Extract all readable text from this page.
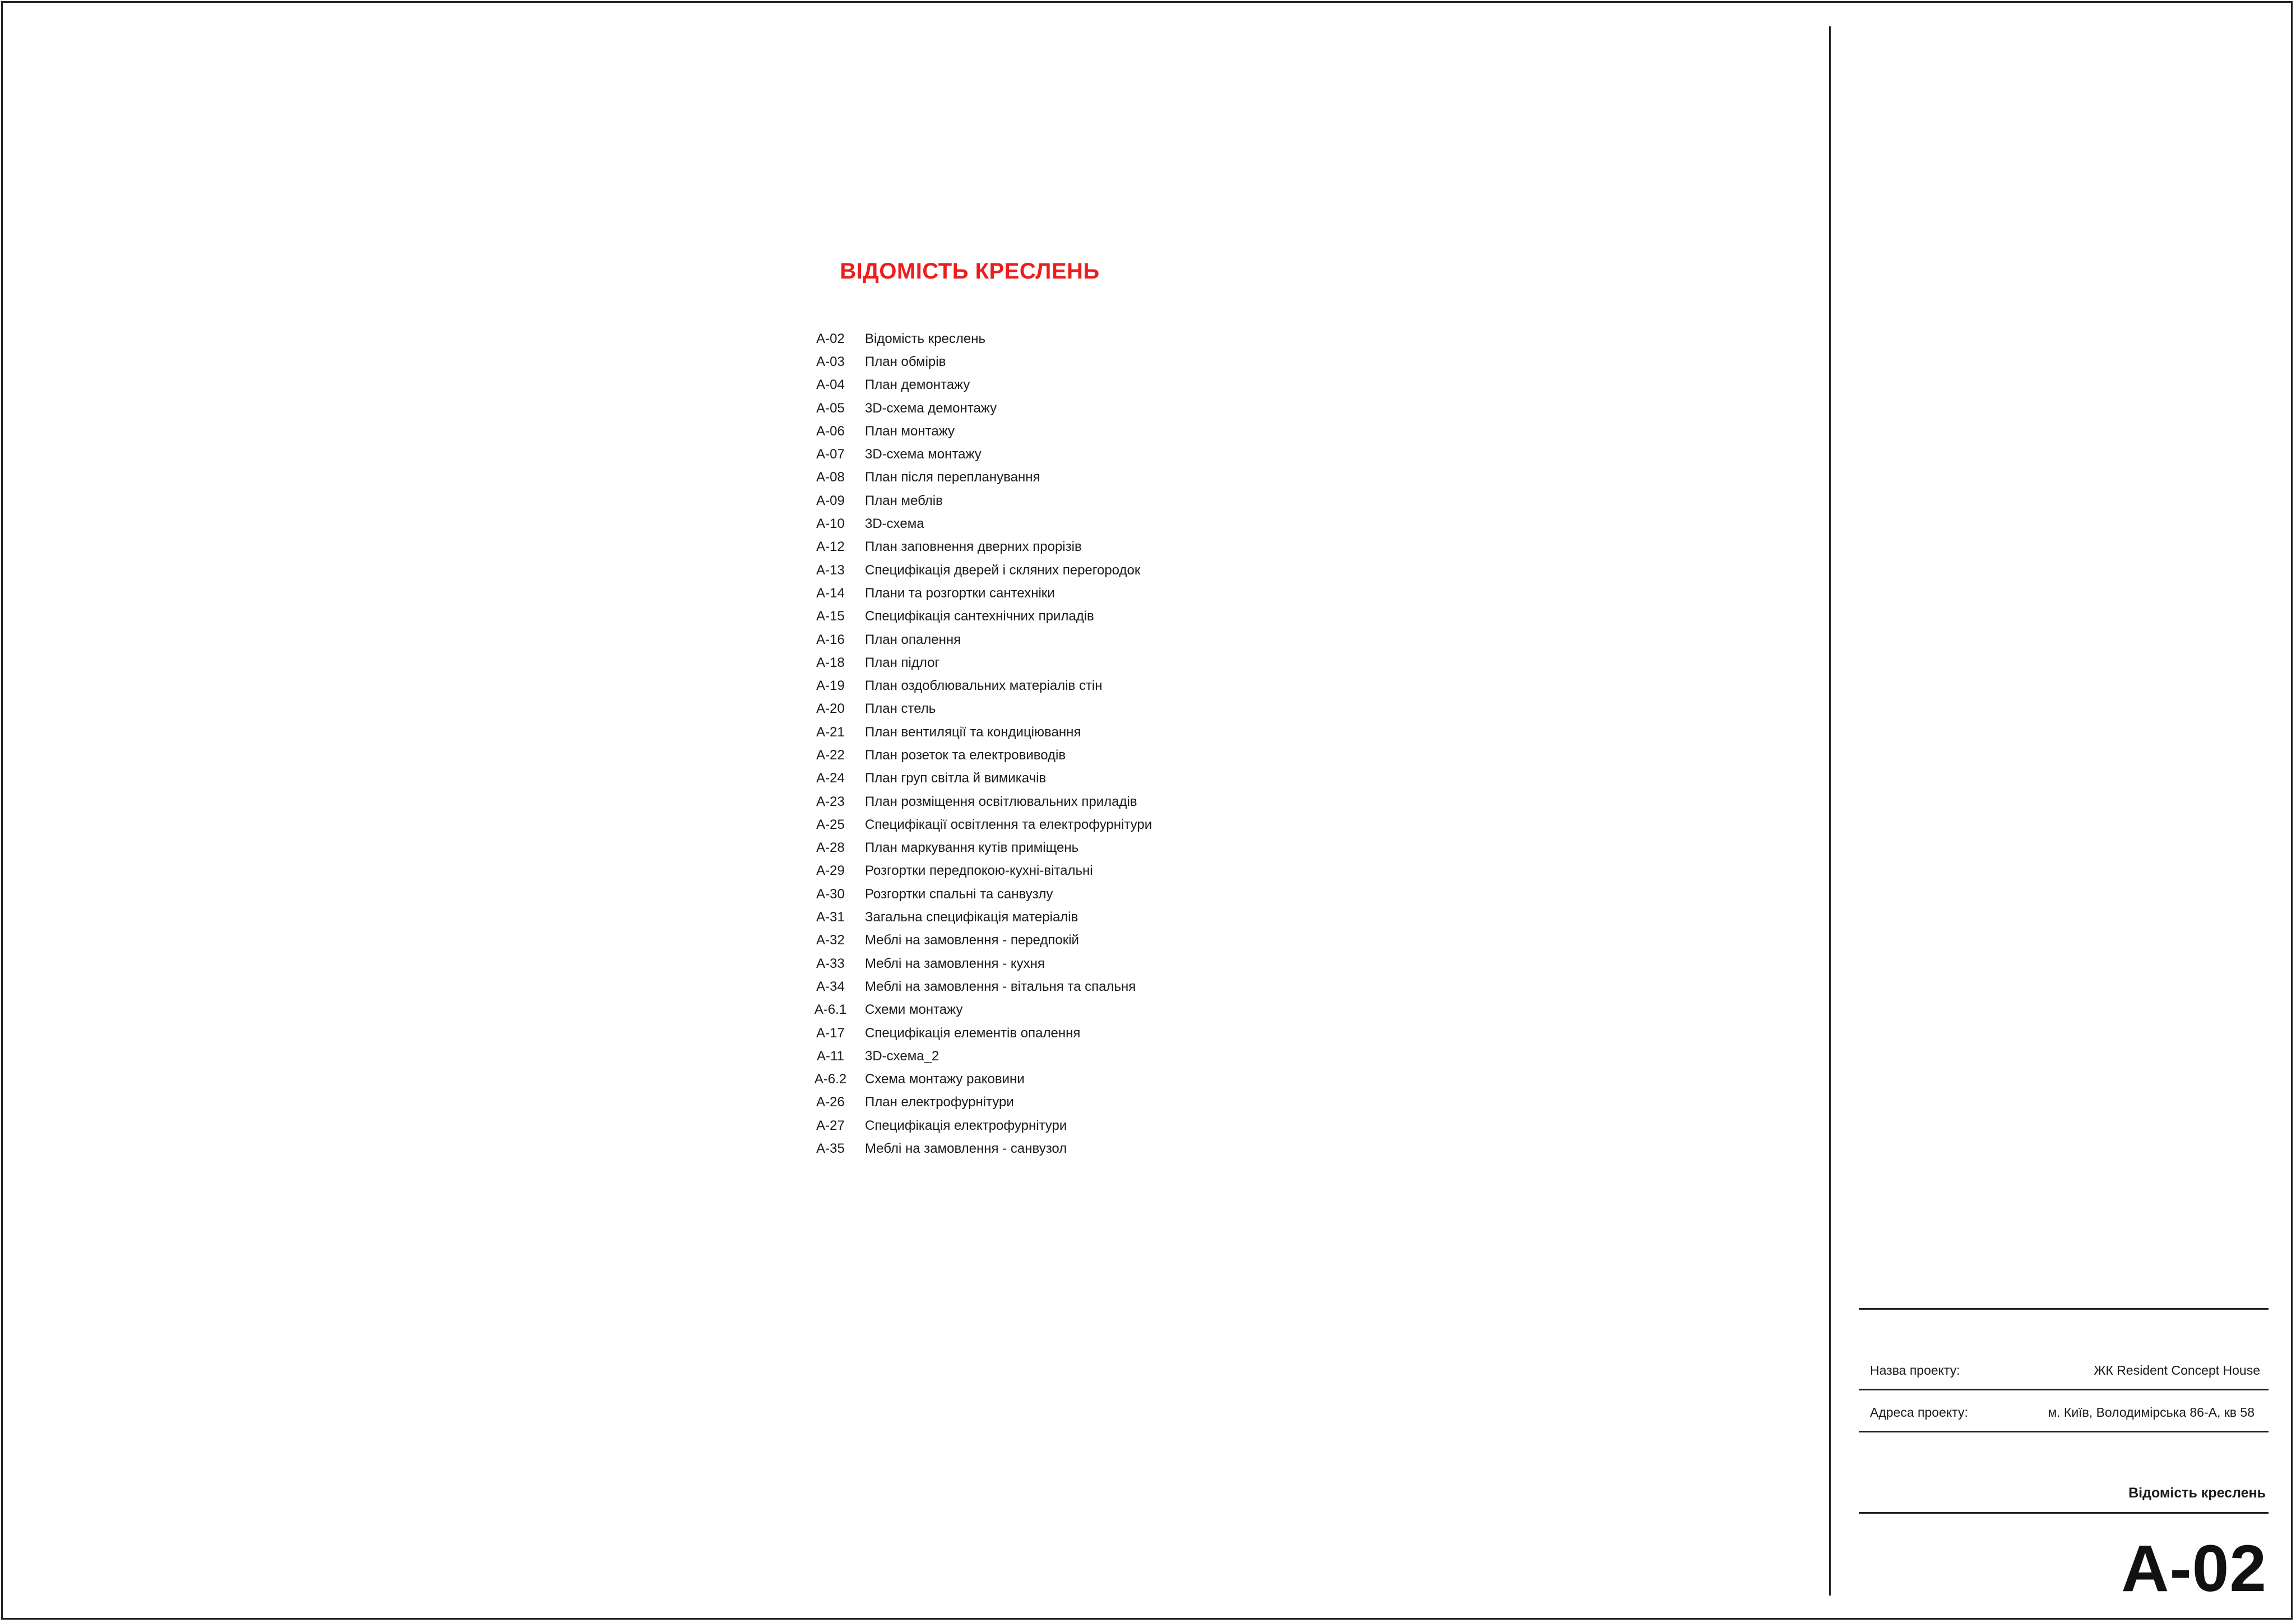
ВІДОМІСТЬ КРЕСЛЕНЬ
А-02	Відомість креслень
А-03	План обмірів
А-04	План демонтажу
А-05	3D-схема демонтажу
А-06	План монтажу
А-07	3D-схема монтажу
А-08	План після перепланування
А-09	План меблів
А-10	3D-схема
А-12	План заповнення дверних прорізів
А-13	Специфікація дверей і скляних перегородок
А-14	Плани та розгортки сантехніки
А-15	Специфікація сантехнічних приладів
А-16	План опалення
А-18	План підлог
А-19	План оздоблювальних матеріалів стін
А-20	План стель
А-21	План вентиляції та кондиціювання
А-22	План розеток та електровиводів
А-24	План груп світла й вимикачів
А-23	План розміщення освітлювальних приладів
А-25	Специфікації освітлення та електрофурнітури
А-28	План маркування кутів приміщень
А-29	Розгортки передпокою-кухні-вітальні
А-30	Розгортки спальні та санвузлу
А-31	Загальна специфікація матеріалів
А-32	Меблі на замовлення - передпокій
А-33	Меблі на замовлення - кухня
А-34	Меблі на замовлення - вітальня та спальня
А-6.1	Схеми монтажу
А-17	Специфікація елементів опалення
А-11	3D-схема_2
А-6.2	Схема монтажу раковини
А-26	План електрофурнітури
А-27	Специфікація електрофурнітури
А-35	Меблі на замовлення - санвузол
Назва проекту:	ЖК Resident Concept House
Адреса проекту:	м. Київ, Володимірська 86-А, кв 58
Відомість креслень
А-02
